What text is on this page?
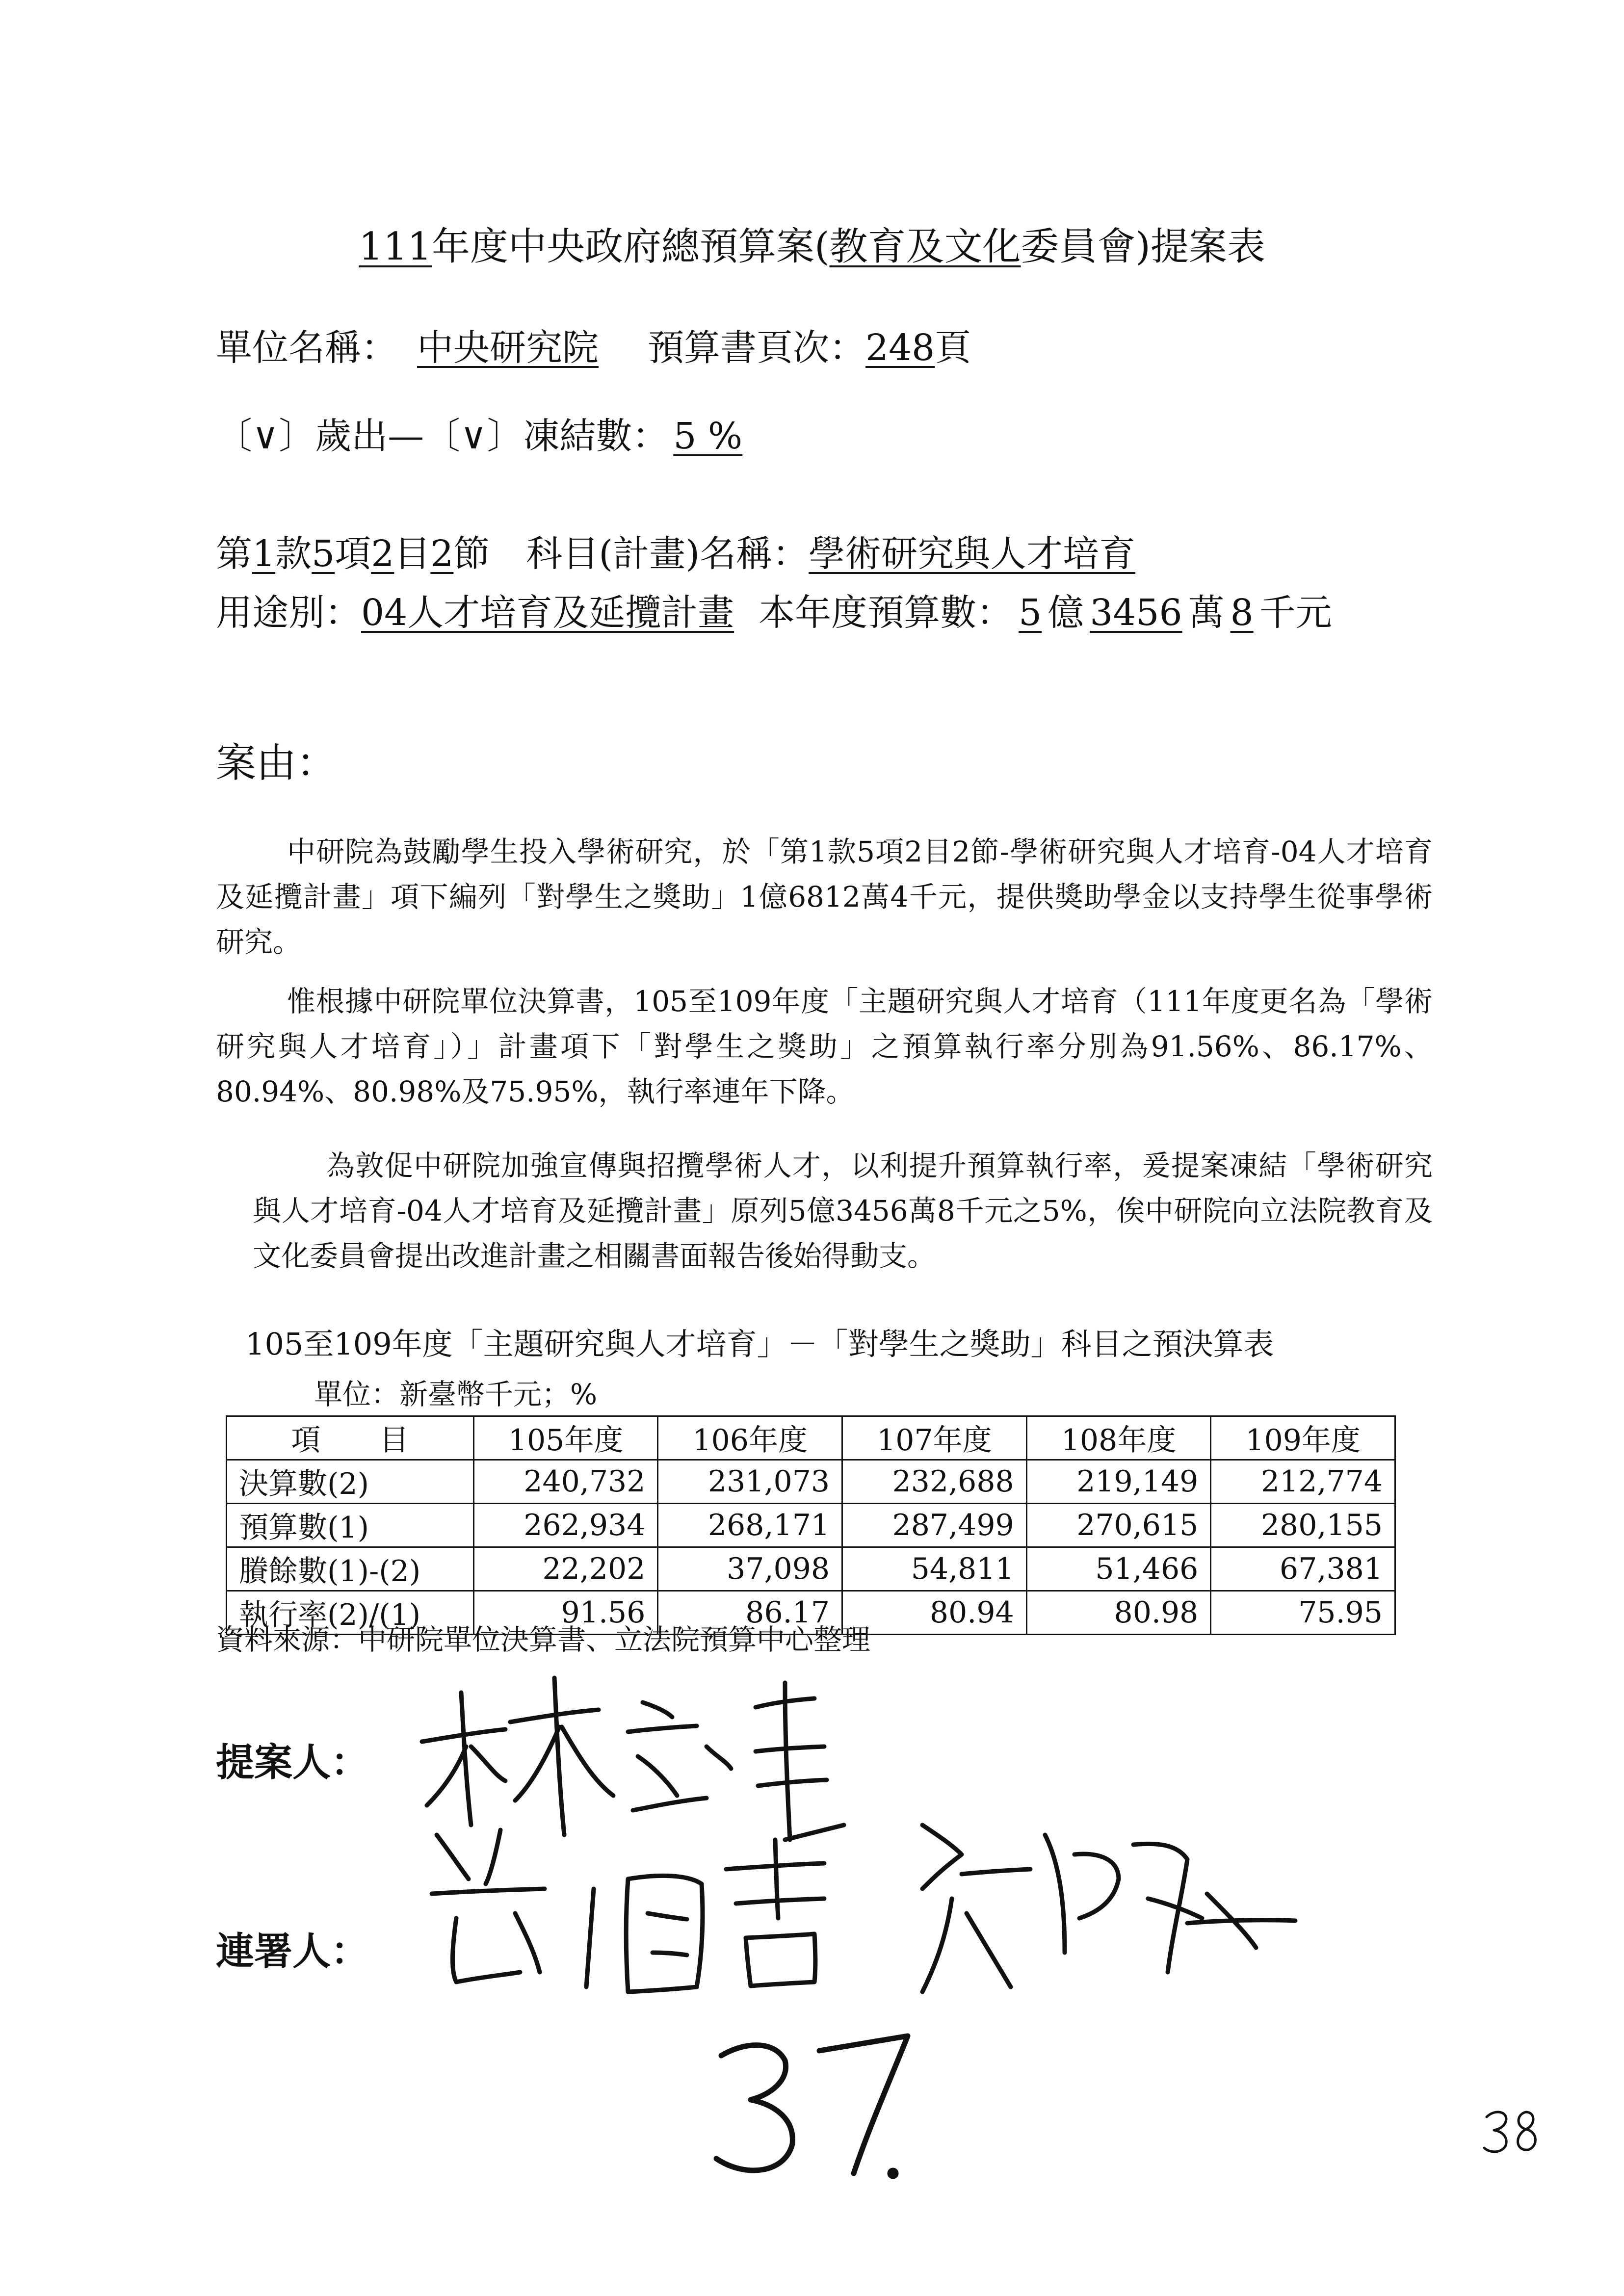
111年度中央政府總預算案(教育及文化委員會)提案表
單位名稱： 中央研究院 預算書頁次：248頁
〔∨〕歲出—〔∨〕凍結數： 5 %
第1款5項2目2節　科目(計畫)名稱：學術研究與人才培育
用途別：04人才培育及延攬計畫 本年度預算數： 5 億 3456 萬 8 千元
案由：
中研院為鼓勵學生投入學術研究，於「第1款5項2目2節-學術研究與人才培育-04人才培育及延攬計畫」項下編列「對學生之獎助」1億6812萬4千元，提供獎助學金以支持學生從事學術研究。
惟根據中研院單位決算書，105至109年度「主題研究與人才培育（111年度更名為「學術研究與人才培育」）」計畫項下「對學生之獎助」之預算執行率分別為91.56%、86.17%、80.94%、80.98%及75.95%，執行率連年下降。
為敦促中研院加強宣傳與招攬學術人才，以利提升預算執行率，爰提案凍結「學術研究與人才培育-04人才培育及延攬計畫」原列5億3456萬8千元之5%，俟中研院向立法院教育及文化委員會提出改進計畫之相關書面報告後始得動支。
105至109年度「主題研究與人才培育」－「對學生之獎助」科目之預決算表
單位：新臺幣千元；%
項　　目	105年度	106年度	107年度	108年度	109年度
決算數(2)	240,732	231,073	232,688	219,149	212,774
預算數(1)	262,934	268,171	287,499	270,615	280,155
賸餘數(1)-(2)	22,202	37,098	54,811	51,466	67,381
執行率(2)/(1)	91.56	86.17	80.94	80.98	75.95
資料來源：中研院單位決算書、立法院預算中心整理
提案人：
連署人：
